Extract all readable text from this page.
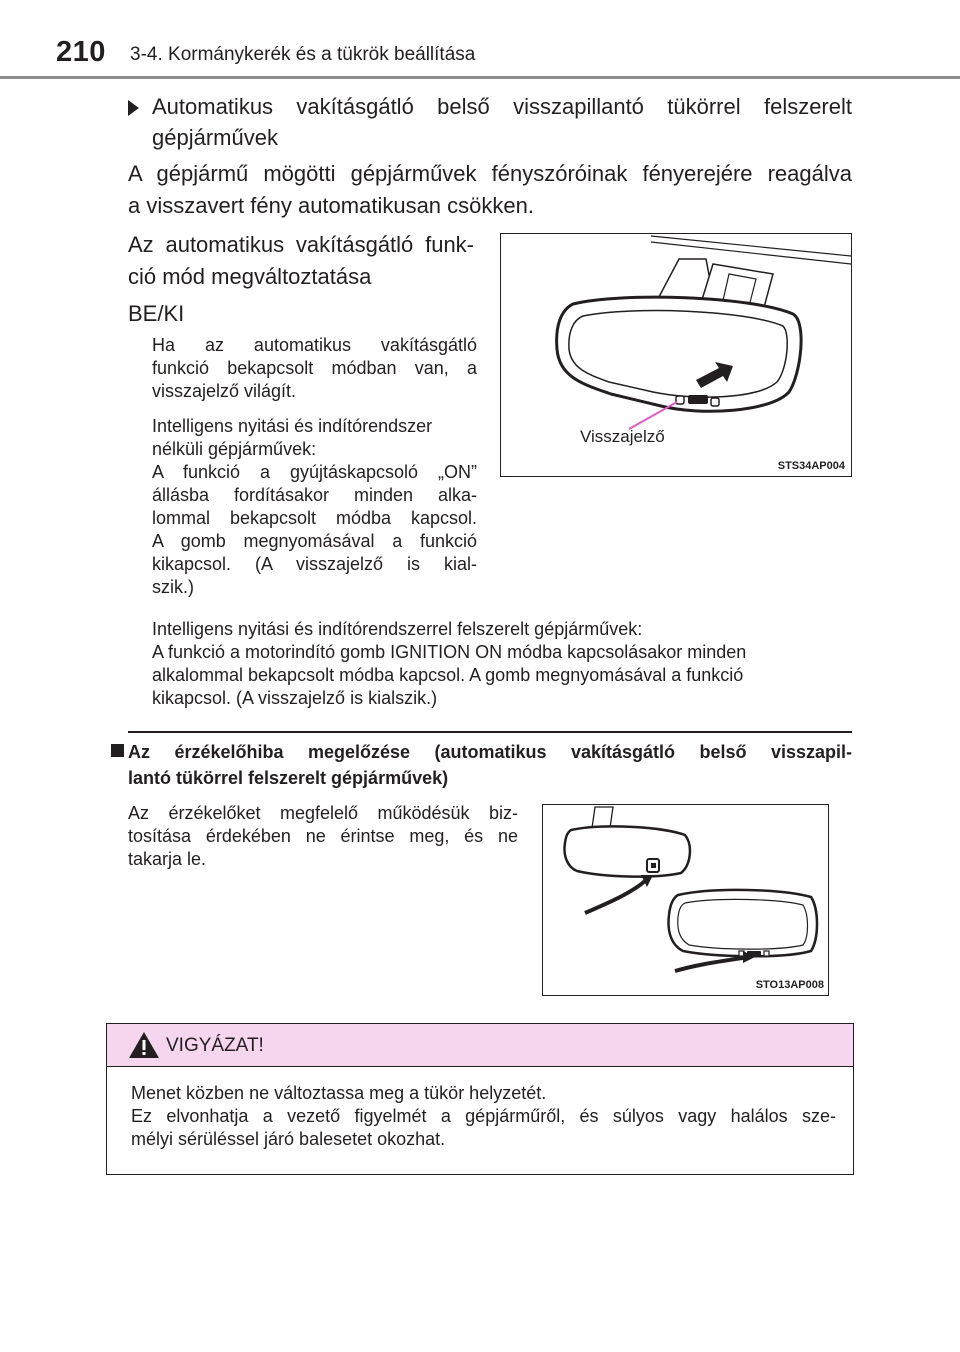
210 3-4. Kormánykerék és a tükrök beállítása
Automatikus vakításgátló belső visszapillantó tükörrel felszerelt
gépjárművek
A gépjármű mögötti gépjárművek fényszóróinak fényerejére reagálva
a visszavert fény automatikusan csökken.
Az automatikus vakításgátló funk-
ció mód megváltoztatása
BE/KI
Ha az automatikus vakításgátló
funkció bekapcsolt módban van, a
visszajelző világít.
Intelligens nyitási és indítórendszer
nélküli gépjárművek:
A funkció a gyújtáskapcsoló „ON”
állásba fordításakor minden alka-
lommal bekapcsolt módba kapcsol.
A gomb megnyomásával a funkció
kikapcsol. (A visszajelző is kial-
szik.)
Intelligens nyitási és indítórendszerrel felszerelt gépjárművek:
A funkció a motorindító gomb IGNITION ON módba kapcsolásakor minden
alkalommal bekapcsolt módba kapcsol. A gomb megnyomásával a funkció
kikapcsol. (A visszajelző is kialszik.)
Visszajelző
STS34AP004
Az érzékelőhiba megelőzése (automatikus vakításgátló belső visszapil-
lantó tükörrel felszerelt gépjárművek)
Az érzékelőket megfelelő működésük biz-
tosítása érdekében ne érintse meg, és ne
takarja le.
STO13AP008
VIGYÁZAT!
Menet közben ne változtassa meg a tükör helyzetét.
Ez elvonhatja a vezető figyelmét a gépjárműről, és súlyos vagy halálos sze-
mélyi sérüléssel járó balesetet okozhat.
